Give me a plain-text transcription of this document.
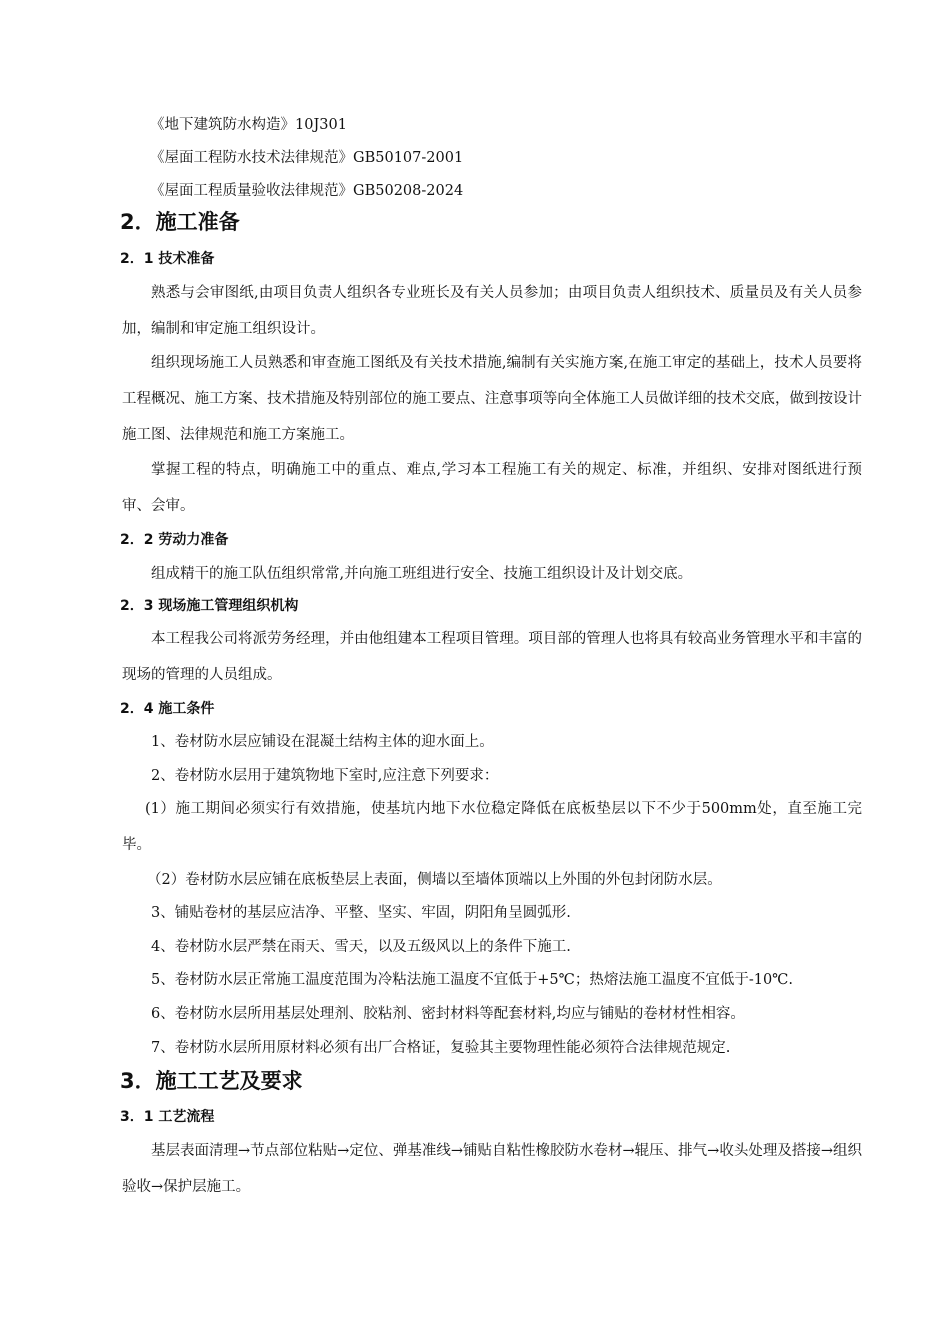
《地下建筑防水构造》10J301

《屋面工程防水技术法律规范》GB50107-2001

《屋面工程质量验收法律规范》GB50208-2024

2．施工准备
2．1 技术准备

熟悉与会审图纸,由项目负责人组织各专业班长及有关人员参加；由项目负责人组织技术、质量员及有关人员参加，编制和审定施工组织设计。

组织现场施工人员熟悉和审查施工图纸及有关技术措施,编制有关实施方案,在施工审定的基础上，技术人员要将工程概况、施工方案、技术措施及特别部位的施工要点、注意事项等向全体施工人员做详细的技术交底，做到按设计施工图、法律规范和施工方案施工。

掌握工程的特点，明确施工中的重点、难点,学习本工程施工有关的规定、标准，并组织、安排对图纸进行预审、会审。

2．2 劳动力准备

组成精干的施工队伍组织常常,并向施工班组进行安全、技施工组织设计及计划交底。

2．3 现场施工管理组织机构

本工程我公司将派劳务经理，并由他组建本工程项目管理。项目部的管理人也将具有较高业务管理水平和丰富的现场的管理的人员组成。

2．4 施工条件

1、卷材防水层应铺设在混凝土结构主体的迎水面上。

2、卷材防水层用于建筑物地下室时,应注意下列要求：

(1）施工期间必须实行有效措施，使基坑内地下水位稳定降低在底板垫层以下不少于500mm处，直至施工完毕。

（2）卷材防水层应铺在底板垫层上表面，侧墙以至墙体顶端以上外围的外包封闭防水层。

3、铺贴卷材的基层应洁净、平整、坚实、牢固，阴阳角呈圆弧形.

4、卷材防水层严禁在雨天、雪天，以及五级风以上的条件下施工.

5、卷材防水层正常施工温度范围为冷粘法施工温度不宜低于+5℃；热熔法施工温度不宜低于-10℃.

6、卷材防水层所用基层处理剂、胶粘剂、密封材料等配套材料,均应与铺贴的卷材材性相容。

7、卷材防水层所用原材料必须有出厂合格证，复验其主要物理性能必须符合法律规范规定.

3．施工工艺及要求
3．1 工艺流程

基层表面清理→节点部位粘贴→定位、弹基准线→铺贴自粘性橡胶防水卷材→辊压、排气→收头处理及搭接→组织验收→保护层施工。
